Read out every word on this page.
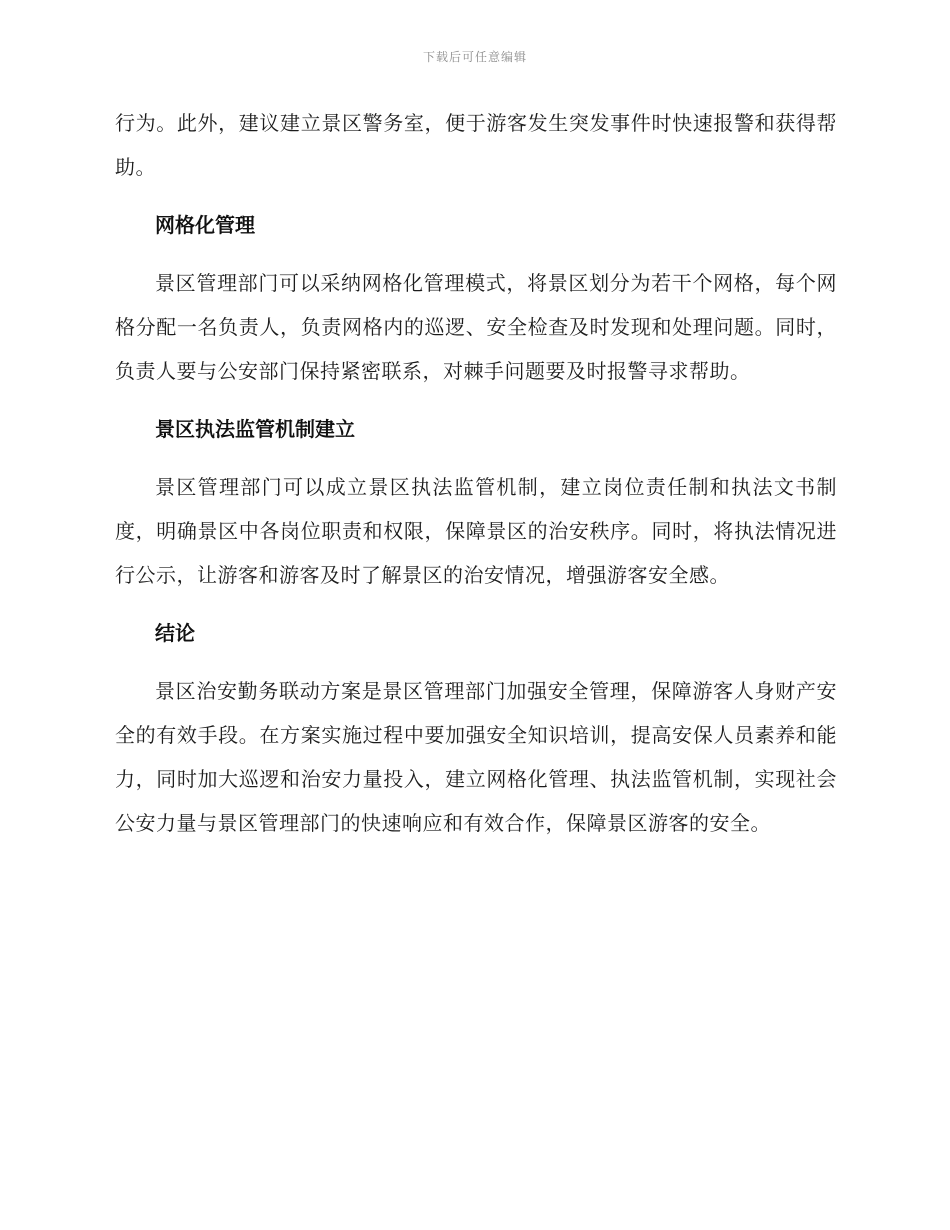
下载后可任意编辑

行为。此外，建议建立景区警务室，便于游客发生突发事件时快速报警和获得帮助。

网格化管理

景区管理部门可以采纳网格化管理模式，将景区划分为若干个网格，每个网格分配一名负责人，负责网格内的巡逻、安全检查及时发现和处理问题。同时，负责人要与公安部门保持紧密联系，对棘手问题要及时报警寻求帮助。

景区执法监管机制建立

景区管理部门可以成立景区执法监管机制，建立岗位责任制和执法文书制度，明确景区中各岗位职责和权限，保障景区的治安秩序。同时，将执法情况进行公示，让游客和游客及时了解景区的治安情况，增强游客安全感。

结论

景区治安勤务联动方案是景区管理部门加强安全管理，保障游客人身财产安全的有效手段。在方案实施过程中要加强安全知识培训，提高安保人员素养和能力，同时加大巡逻和治安力量投入，建立网格化管理、执法监管机制，实现社会公安力量与景区管理部门的快速响应和有效合作，保障景区游客的安全。
